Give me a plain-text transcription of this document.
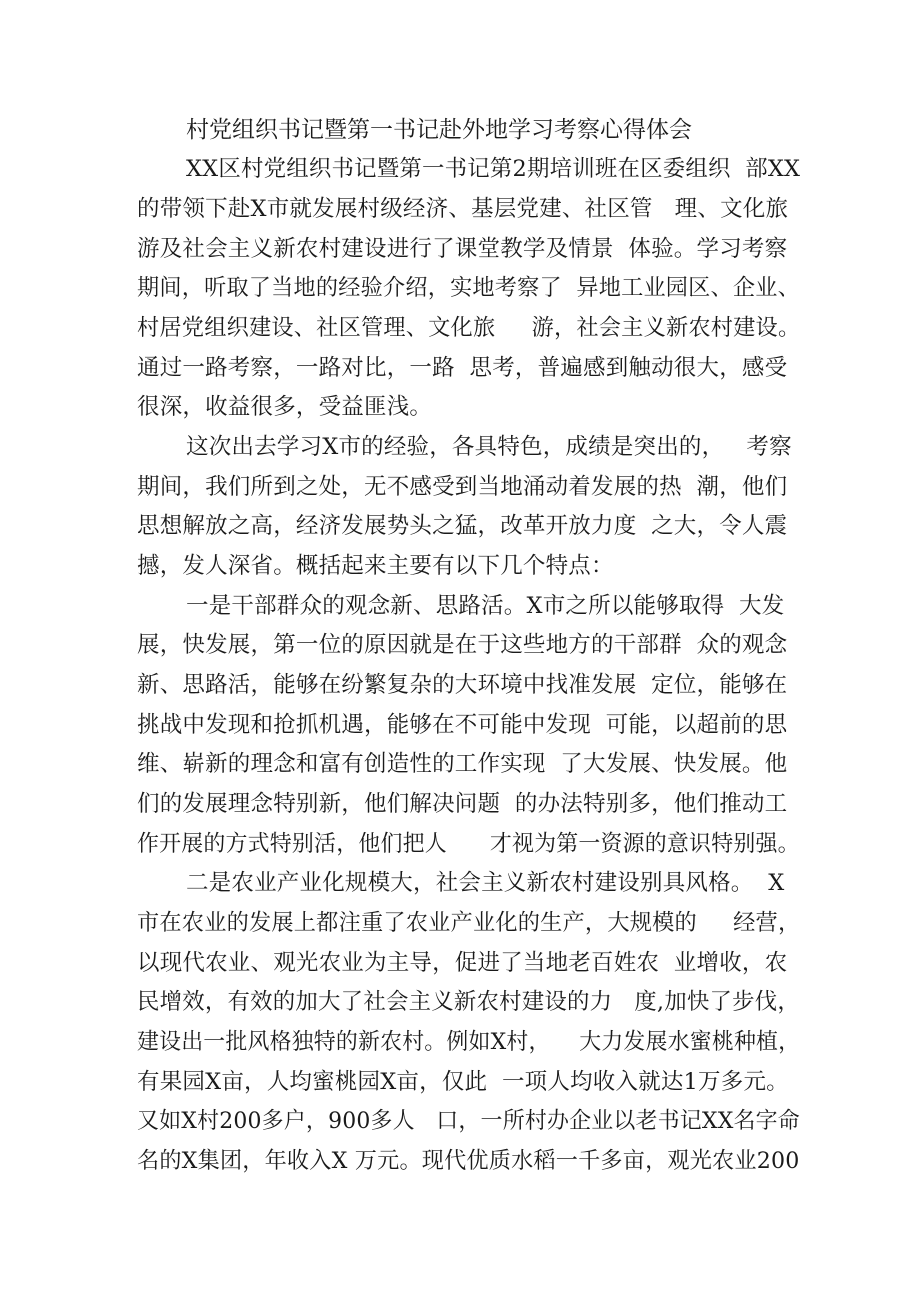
村党组织书记暨第一书记赴外地学习考察心得体会
XX区村党组织书记暨第一书记第2期培训班在区委组织  部XX
的带领下赴X市就发展村级经济、基层党建、社区管   理、文化旅
游及社会主义新农村建设进行了课堂教学及情景  体验。学习考察
期间，听取了当地的经验介绍，实地考察了  异地工业园区、企业、
村居党组织建设、社区管理、文化旅     游，社会主义新农村建设。
通过一路考察，一路对比，一路  思考，普遍感到触动很大，感受
很深，收益很多，受益匪浅。
这次出去学习X市的经验，各具特色，成绩是突出的，   考察
期间，我们所到之处，无不感受到当地涌动着发展的热  潮，他们
思想解放之高，经济发展势头之猛，改革开放力度  之大，令人震
撼，发人深省。概括起来主要有以下几个特点：
一是干部群众的观念新、思路活。X市之所以能够取得  大发
展，快发展，第一位的原因就是在于这些地方的干部群  众的观念
新、思路活，能够在纷繁复杂的大环境中找准发展  定位，能够在
挑战中发现和抢抓机遇，能够在不可能中发现  可能，以超前的思
维、崭新的理念和富有创造性的工作实现  了大发展、快发展。他
们的发展理念特别新，他们解决问题  的办法特别多，他们推动工
作开展的方式特别活，他们把人      才视为第一资源的意识特别强。
二是农业产业化规模大，社会主义新农村建设别具风格。  X
市在农业的发展上都注重了农业产业化的生产，大规模的     经营，
以现代农业、观光农业为主导，促进了当地老百姓农  业增收，农
民增效，有效的加大了社会主义新农村建设的力   度,加快了步伐，
建设出一批风格独特的新农村。例如X村，    大力发展水蜜桃种植，
有果园X亩，人均蜜桃园X亩，仅此  一项人均收入就达1万多元。
又如X村200多户，900多人   口，一所村办企业以老书记XX名字命
名的X集团，年收入X 万元。现代优质水稻一千多亩，观光农业200
